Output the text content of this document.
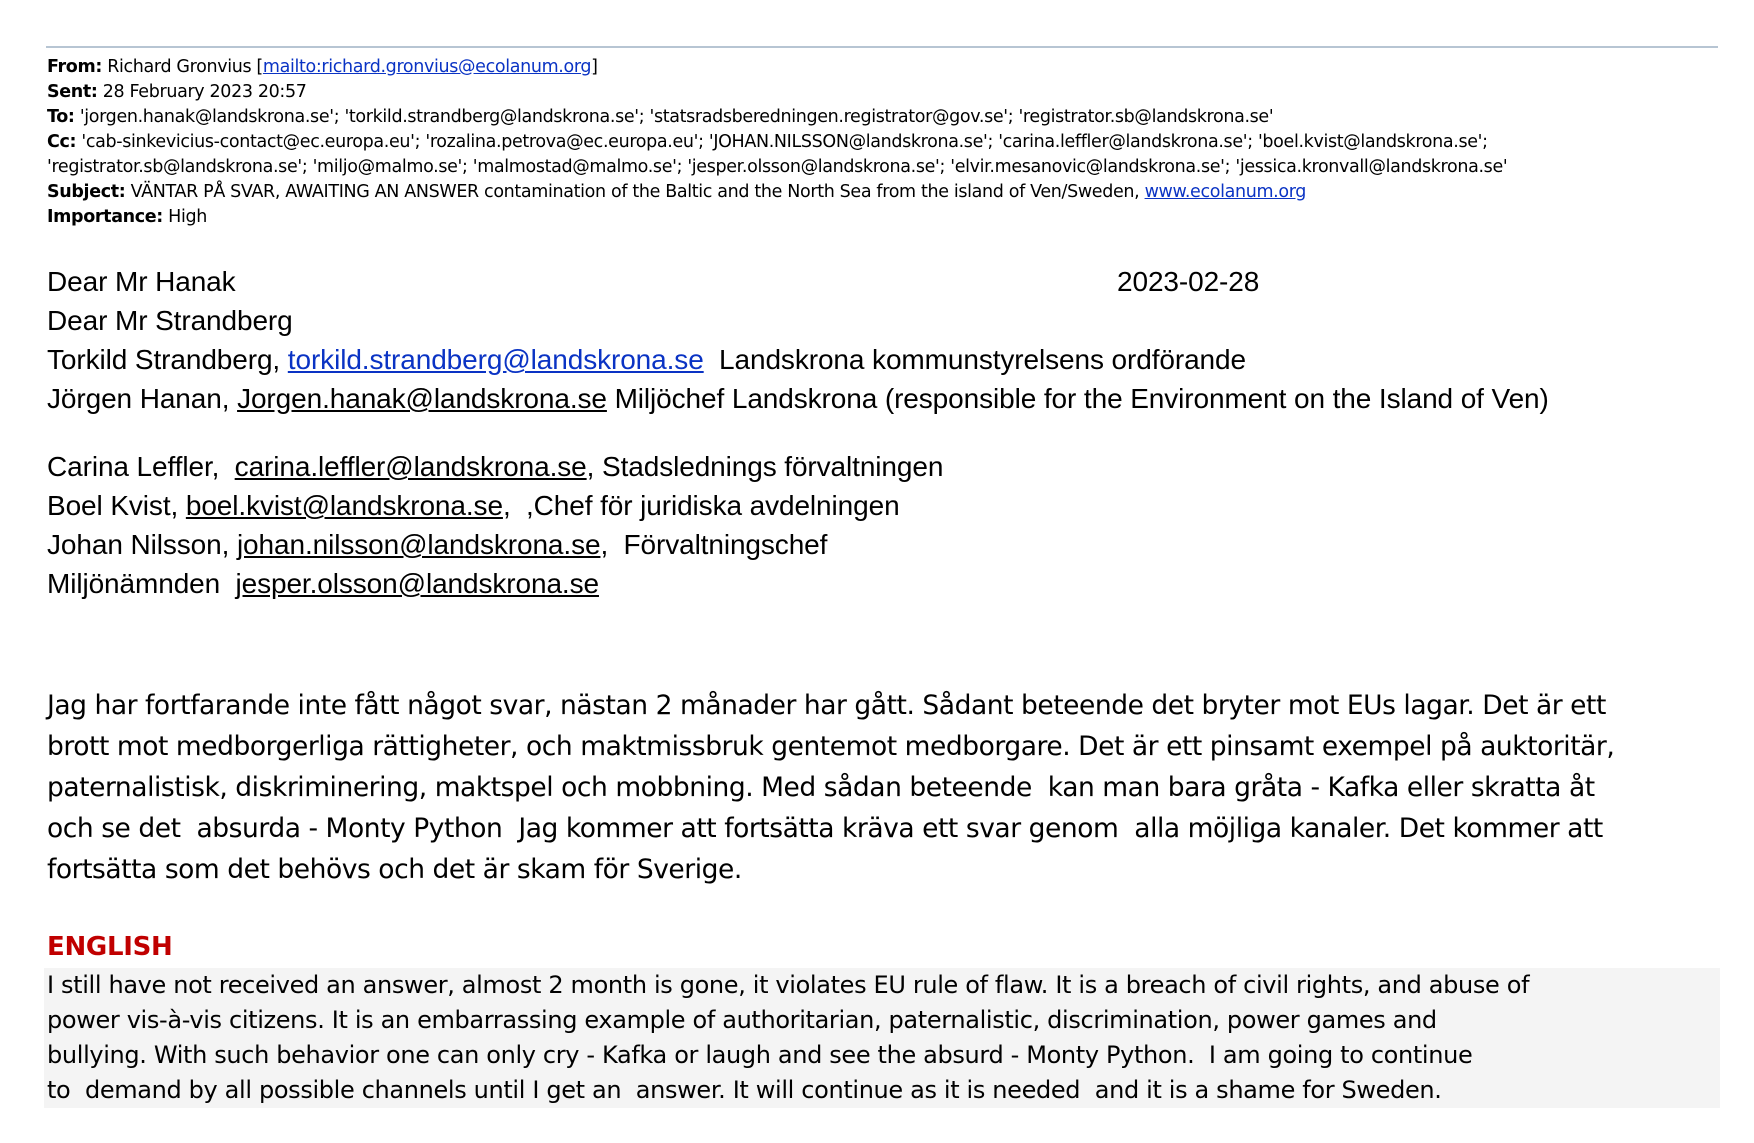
From: Richard Gronvius [mailto:richard.gronvius@ecolanum.org]
Sent: 28 February 2023 20:57
To: 'jorgen.hanak@landskrona.se'; 'torkild.strandberg@landskrona.se'; 'statsradsberedningen.registrator@gov.se'; 'registrator.sb@landskrona.se'
Cc: 'cab-sinkevicius-contact@ec.europa.eu'; 'rozalina.petrova@ec.europa.eu'; 'JOHAN.NILSSON@landskrona.se'; 'carina.leffler@landskrona.se'; 'boel.kvist@landskrona.se';
'registrator.sb@landskrona.se'; 'miljo@malmo.se'; 'malmostad@malmo.se'; 'jesper.olsson@landskrona.se'; 'elvir.mesanovic@landskrona.se'; 'jessica.kronvall@landskrona.se'
Subject: VÄNTAR PÅ SVAR, AWAITING AN ANSWER contamination of the Baltic and the North Sea from the island of Ven/Sweden, www.ecolanum.org
Importance: High
Dear Mr Hanak	2023-02-28
Dear Mr Strandberg
Torkild Strandberg, torkild.strandberg@landskrona.se  Landskrona kommunstyrelsens ordförande
Jörgen Hanan, Jorgen.hanak@landskrona.se Miljöchef Landskrona (responsible for the Environment on the Island of Ven)
Carina Leffler,  carina.leffler@landskrona.se, Stadslednings förvaltningen
Boel Kvist, boel.kvist@landskrona.se,  ,Chef för juridiska avdelningen
Johan Nilsson, johan.nilsson@landskrona.se,  Förvaltningschef
Miljönämnden  jesper.olsson@landskrona.se
Jag har fortfarande inte fått något svar, nästan 2 månader har gått. Sådant beteende det bryter mot EUs lagar. Det är ett
brott mot medborgerliga rättigheter, och maktmissbruk gentemot medborgare. Det är ett pinsamt exempel på auktoritär,
paternalistisk, diskriminering, maktspel och mobbning. Med sådan beteende  kan man bara gråta - Kafka eller skratta åt
och se det  absurda - Monty Python  Jag kommer att fortsätta kräva ett svar genom  alla möjliga kanaler. Det kommer att
fortsätta som det behövs och det är skam för Sverige.
ENGLISH
I still have not received an answer, almost 2 month is gone, it violates EU rule of flaw. It is a breach of civil rights, and abuse of
power vis-à-vis citizens. It is an embarrassing example of authoritarian, paternalistic, discrimination, power games and
bullying. With such behavior one can only cry - Kafka or laugh and see the absurd - Monty Python.  I am going to continue
to  demand by all possible channels until I get an  answer. It will continue as it is needed  and it is a shame for Sweden.
